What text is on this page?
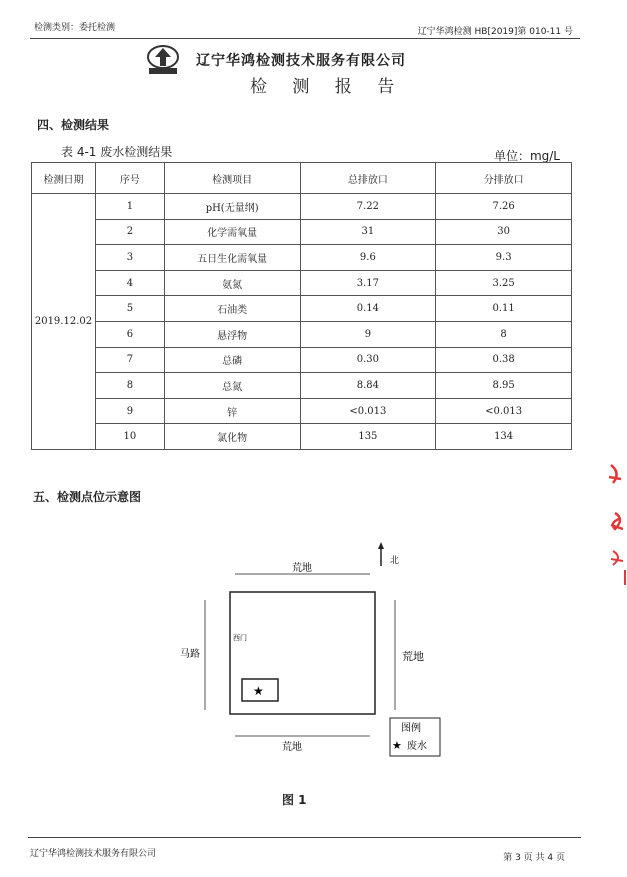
检测类别：委托检测	辽宁华鸿检测 HB[2019]第 010-11 号
辽宁华鸿检测技术服务有限公司
检 测 报 告
四、检测结果
表 4-1 废水检测结果	单位：mg/L
检测日期	序号	检测项目	总排放口	分排放口
2019.12.02	1	pH(无量纲)	7.22	7.26
	2	化学需氧量	31	30
	3	五日生化需氧量	9.6	9.3
	4	氨氮	3.17	3.25
	5	石油类	0.14	0.11
	6	悬浮物	9	8
	7	总磷	0.30	0.38
	8	总氮	8.84	8.95
	9	锌	<0.013	<0.013
	10	氯化物	135	134
五、检测点位示意图
北
荒地
马路	荒地
荒地
西门
★
图例
★ 废水
图 1
辽宁华鸿检测技术服务有限公司	第 3 页 共 4 页
